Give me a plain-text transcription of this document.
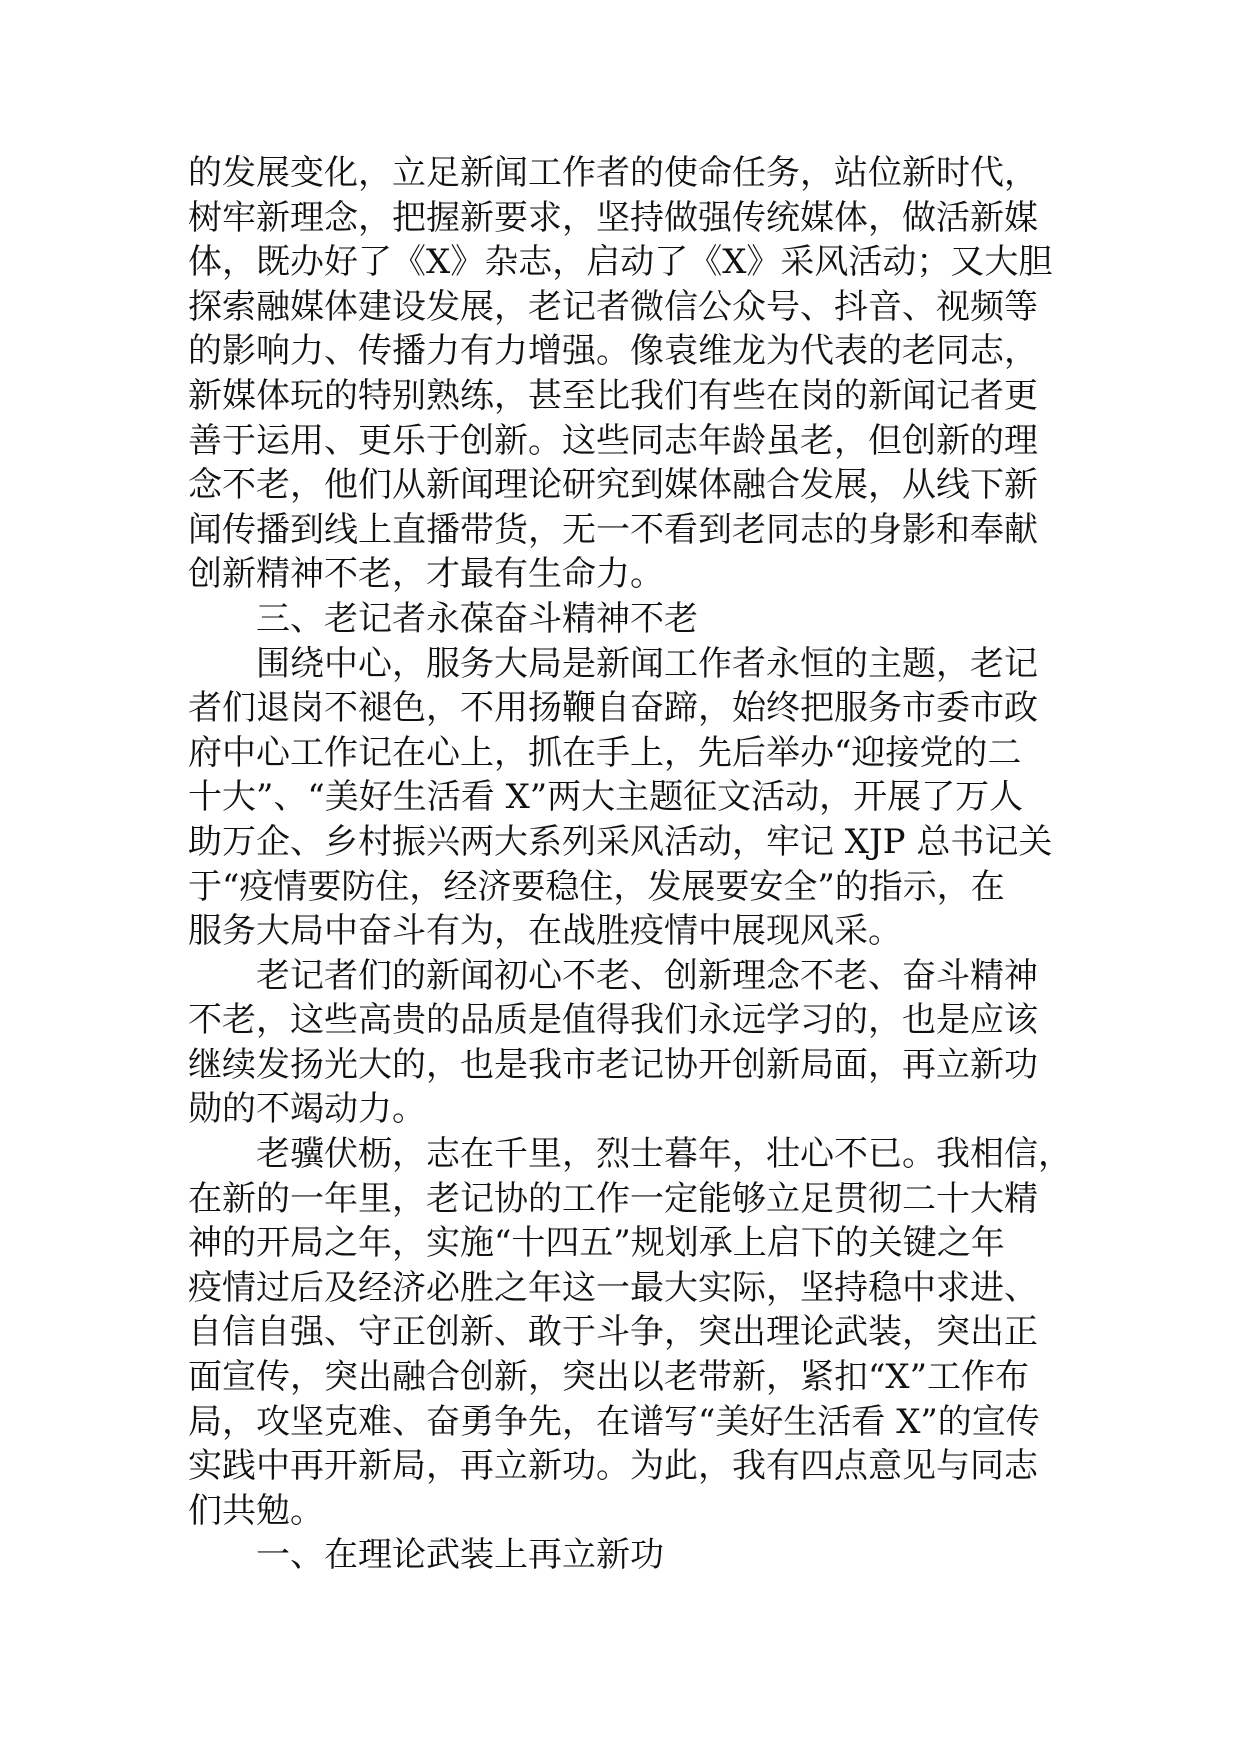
的发展变化，立足新闻工作者的使命任务，站位新时代，
树牢新理念，把握新要求，坚持做强传统媒体，做活新媒
体，既办好了《X》杂志，启动了《X》采风活动；又大胆
探索融媒体建设发展，老记者微信公众号、抖音、视频等
的影响力、传播力有力增强。像袁维龙为代表的老同志，
新媒体玩的特别熟练，甚至比我们有些在岗的新闻记者更
善于运用、更乐于创新。这些同志年龄虽老，但创新的理
念不老，他们从新闻理论研究到媒体融合发展，从线下新
闻传播到线上直播带货，无一不看到老同志的身影和奉献
创新精神不老，才最有生命力。
三、老记者永葆奋斗精神不老
围绕中心，服务大局是新闻工作者永恒的主题，老记
者们退岗不褪色，不用扬鞭自奋蹄，始终把服务市委市政
府中心工作记在心上，抓在手上，先后举办“迎接党的二
十大”、“美好生活看 X”两大主题征文活动，开展了万人
助万企、乡村振兴两大系列采风活动，牢记 XJP 总书记关
于“疫情要防住，经济要稳住，发展要安全”的指示，在
服务大局中奋斗有为，在战胜疫情中展现风采。
老记者们的新闻初心不老、创新理念不老、奋斗精神
不老，这些高贵的品质是值得我们永远学习的，也是应该
继续发扬光大的，也是我市老记协开创新局面，再立新功
勋的不竭动力。
老骥伏枥，志在千里，烈士暮年，壮心不已。我相信，
在新的一年里，老记协的工作一定能够立足贯彻二十大精
神的开局之年，实施“十四五”规划承上启下的关键之年
疫情过后及经济必胜之年这一最大实际，坚持稳中求进、
自信自强、守正创新、敢于斗争，突出理论武装，突出正
面宣传，突出融合创新，突出以老带新，紧扣“X”工作布
局，攻坚克难、奋勇争先，在谱写“美好生活看 X”的宣传
实践中再开新局，再立新功。为此，我有四点意见与同志
们共勉。
一、在理论武装上再立新功
